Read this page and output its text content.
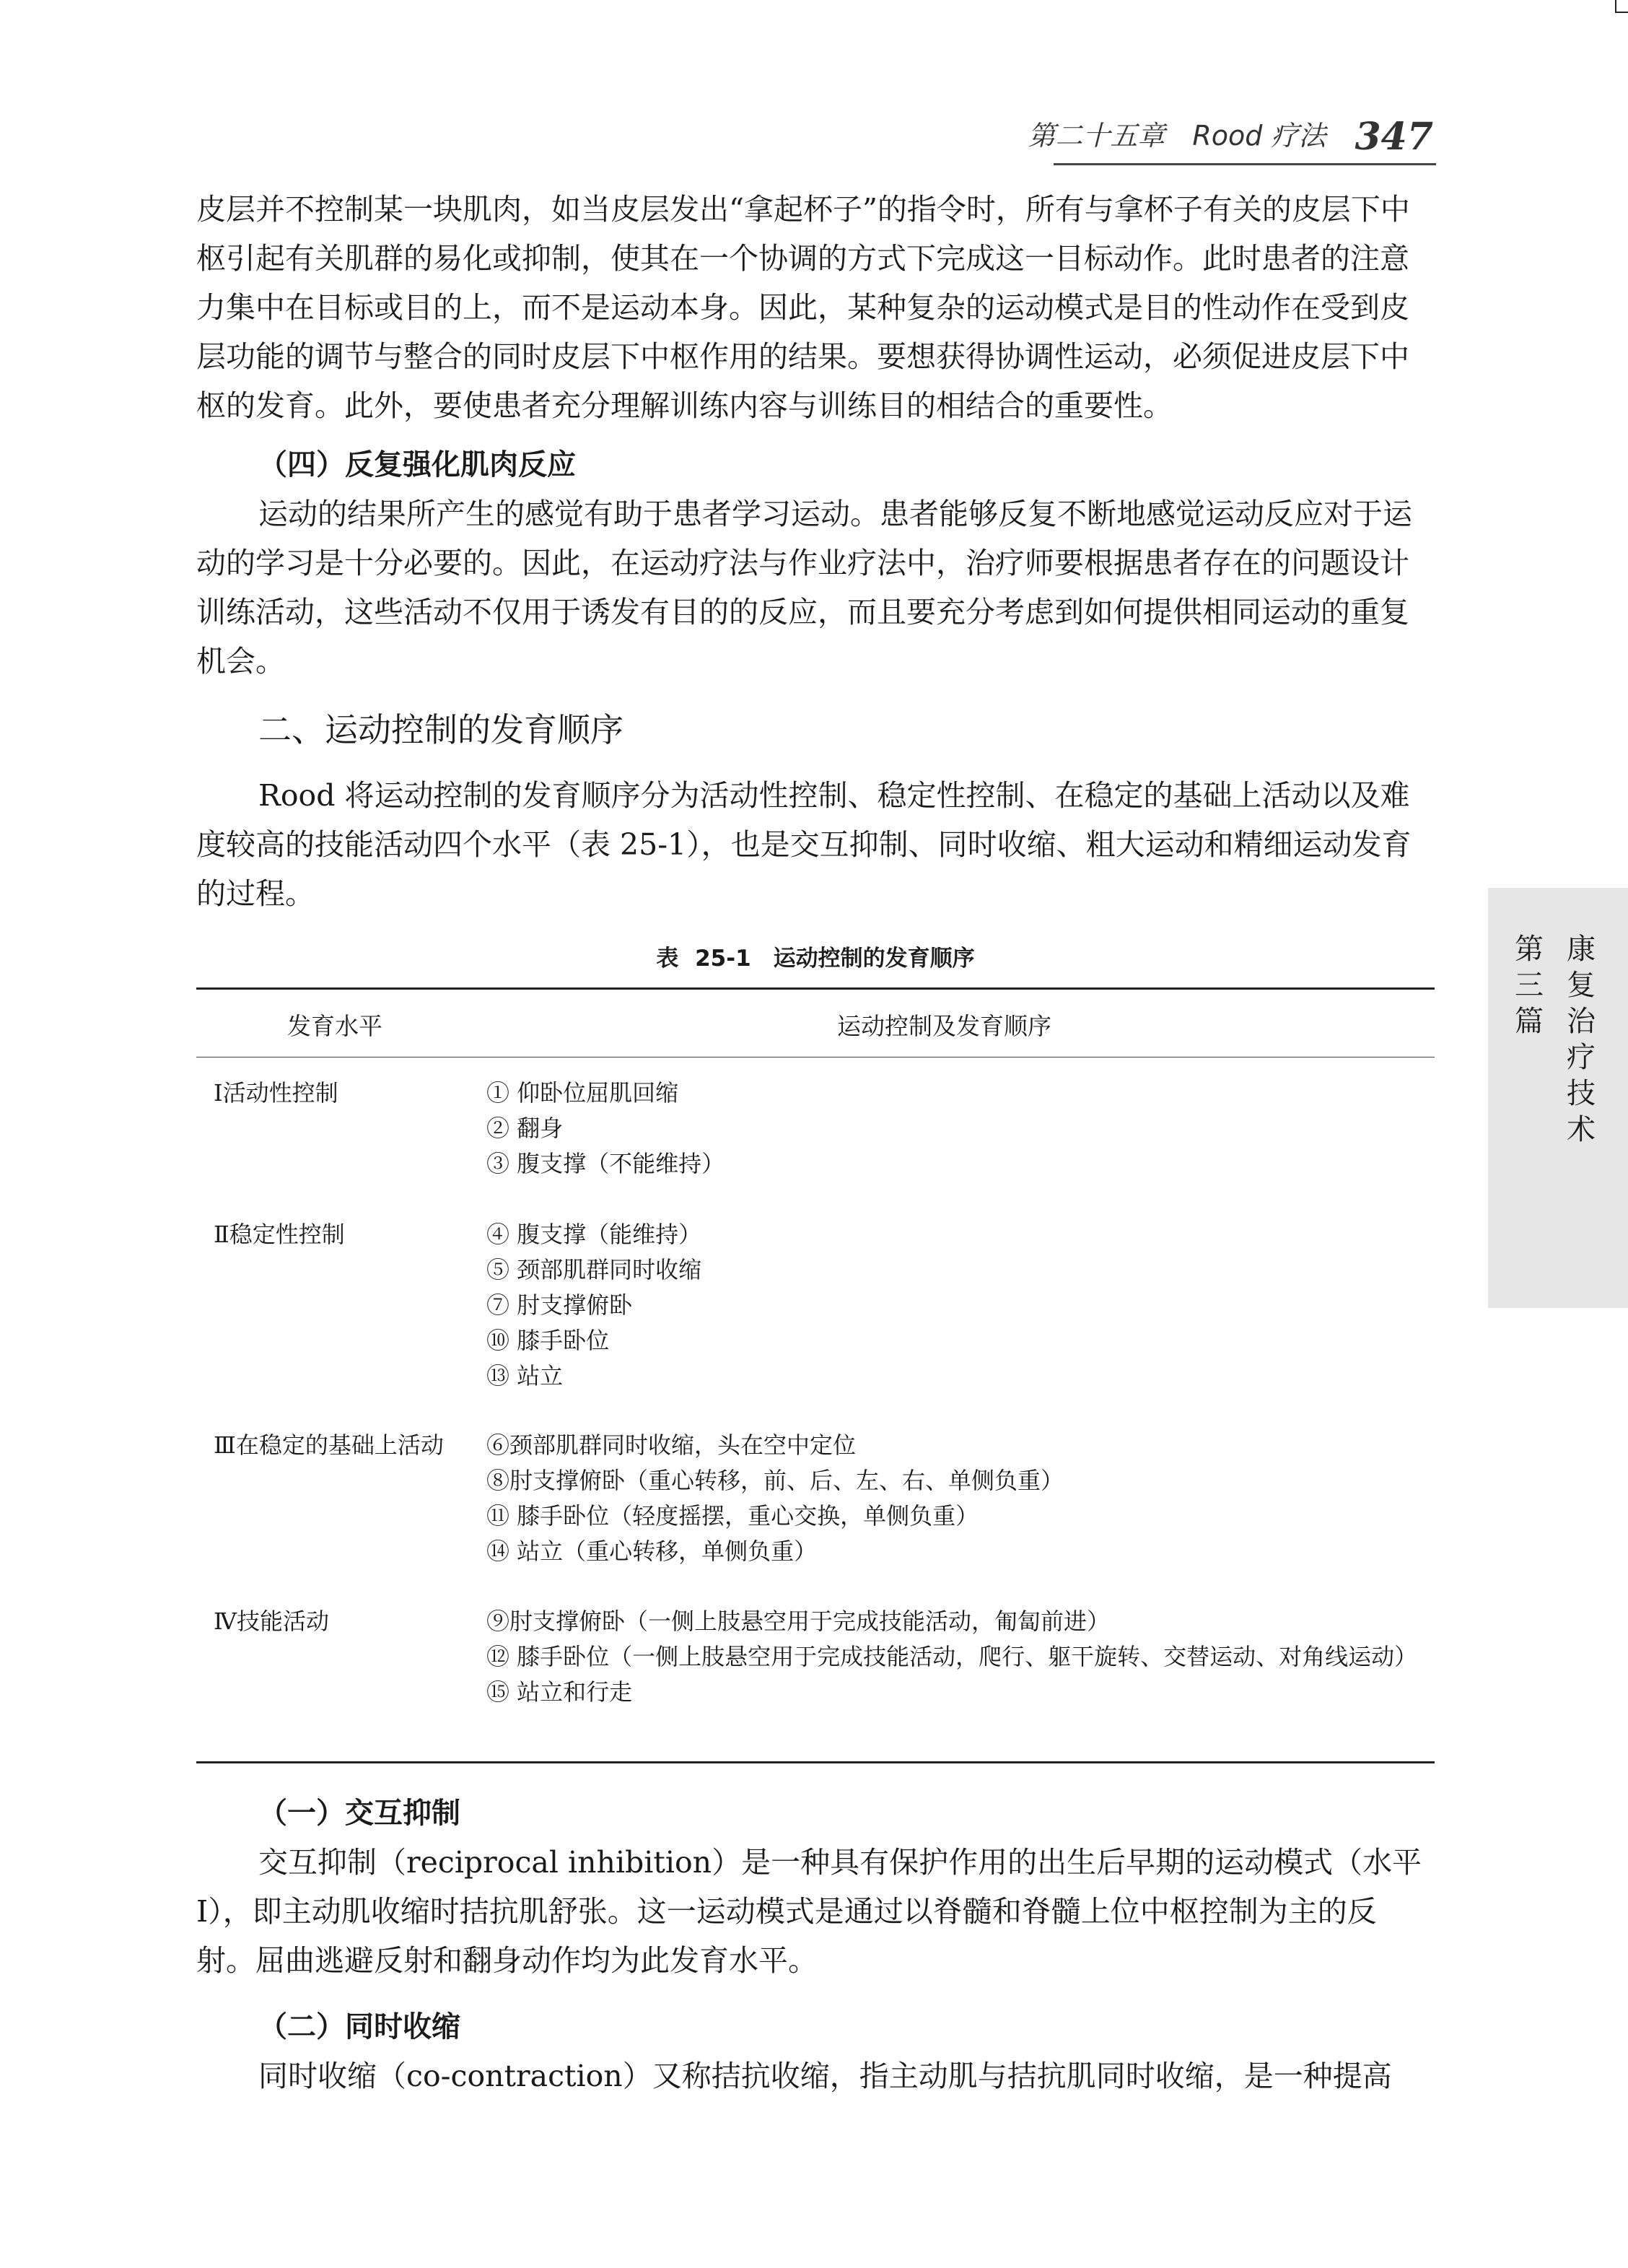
第二十五章　Rood 疗法 347

皮层并不控制某一块肌肉，如当皮层发出“拿起杯子”的指令时，所有与拿杯子有关的皮层下中枢引起有关肌群的易化或抑制，使其在一个协调的方式下完成这一目标动作。此时患者的注意力集中在目标或目的上，而不是运动本身。因此，某种复杂的运动模式是目的性动作在受到皮层功能的调节与整合的同时皮层下中枢作用的结果。要想获得协调性运动，必须促进皮层下中枢的发育。此外，要使患者充分理解训练内容与训练目的相结合的重要性。

（四）反复强化肌肉反应

运动的结果所产生的感觉有助于患者学习运动。患者能够反复不断地感觉运动反应对于运动的学习是十分必要的。因此，在运动疗法与作业疗法中，治疗师要根据患者存在的问题设计训练活动，这些活动不仅用于诱发有目的的反应，而且要充分考虑到如何提供相同运动的重复机会。

二、运动控制的发育顺序

Rood 将运动控制的发育顺序分为活动性控制、稳定性控制、在稳定的基础上活动以及难度较高的技能活动四个水平（表 25-1），也是交互抑制、同时收缩、粗大运动和精细运动发育的过程。

表 25-1　运动控制的发育顺序
发育水平	运动控制及发育顺序
Ⅰ活动性控制	① 仰卧位屈肌回缩
② 翻身
③ 腹支撑（不能维持）
Ⅱ稳定性控制	④ 腹支撑（能维持）
⑤ 颈部肌群同时收缩
⑦ 肘支撑俯卧
⑩ 膝手卧位
⑬ 站立
Ⅲ在稳定的基础上活动 ⑥颈部肌群同时收缩，头在空中定位
⑧肘支撑俯卧（重心转移，前、后、左、右、单侧负重）
⑪ 膝手卧位（轻度摇摆，重心交换，单侧负重）
⑭ 站立（重心转移，单侧负重）
Ⅳ技能活动	⑨肘支撑俯卧（一侧上肢悬空用于完成技能活动，匍匐前进）
⑫ 膝手卧位（一侧上肢悬空用于完成技能活动，爬行、躯干旋转、交替运动、对角线运动）
⑮ 站立和行走

（一）交互抑制

交互抑制（reciprocal inhibition）是一种具有保护作用的出生后早期的运动模式（水平Ⅰ），即主动肌收缩时拮抗肌舒张。这一运动模式是通过以脊髓和脊髓上位中枢控制为主的反射。屈曲逃避反射和翻身动作均为此发育水平。

（二）同时收缩

同时收缩（co-contraction）又称拮抗收缩，指主动肌与拮抗肌同时收缩，是一种提高

第三篇
康复治疗技术
